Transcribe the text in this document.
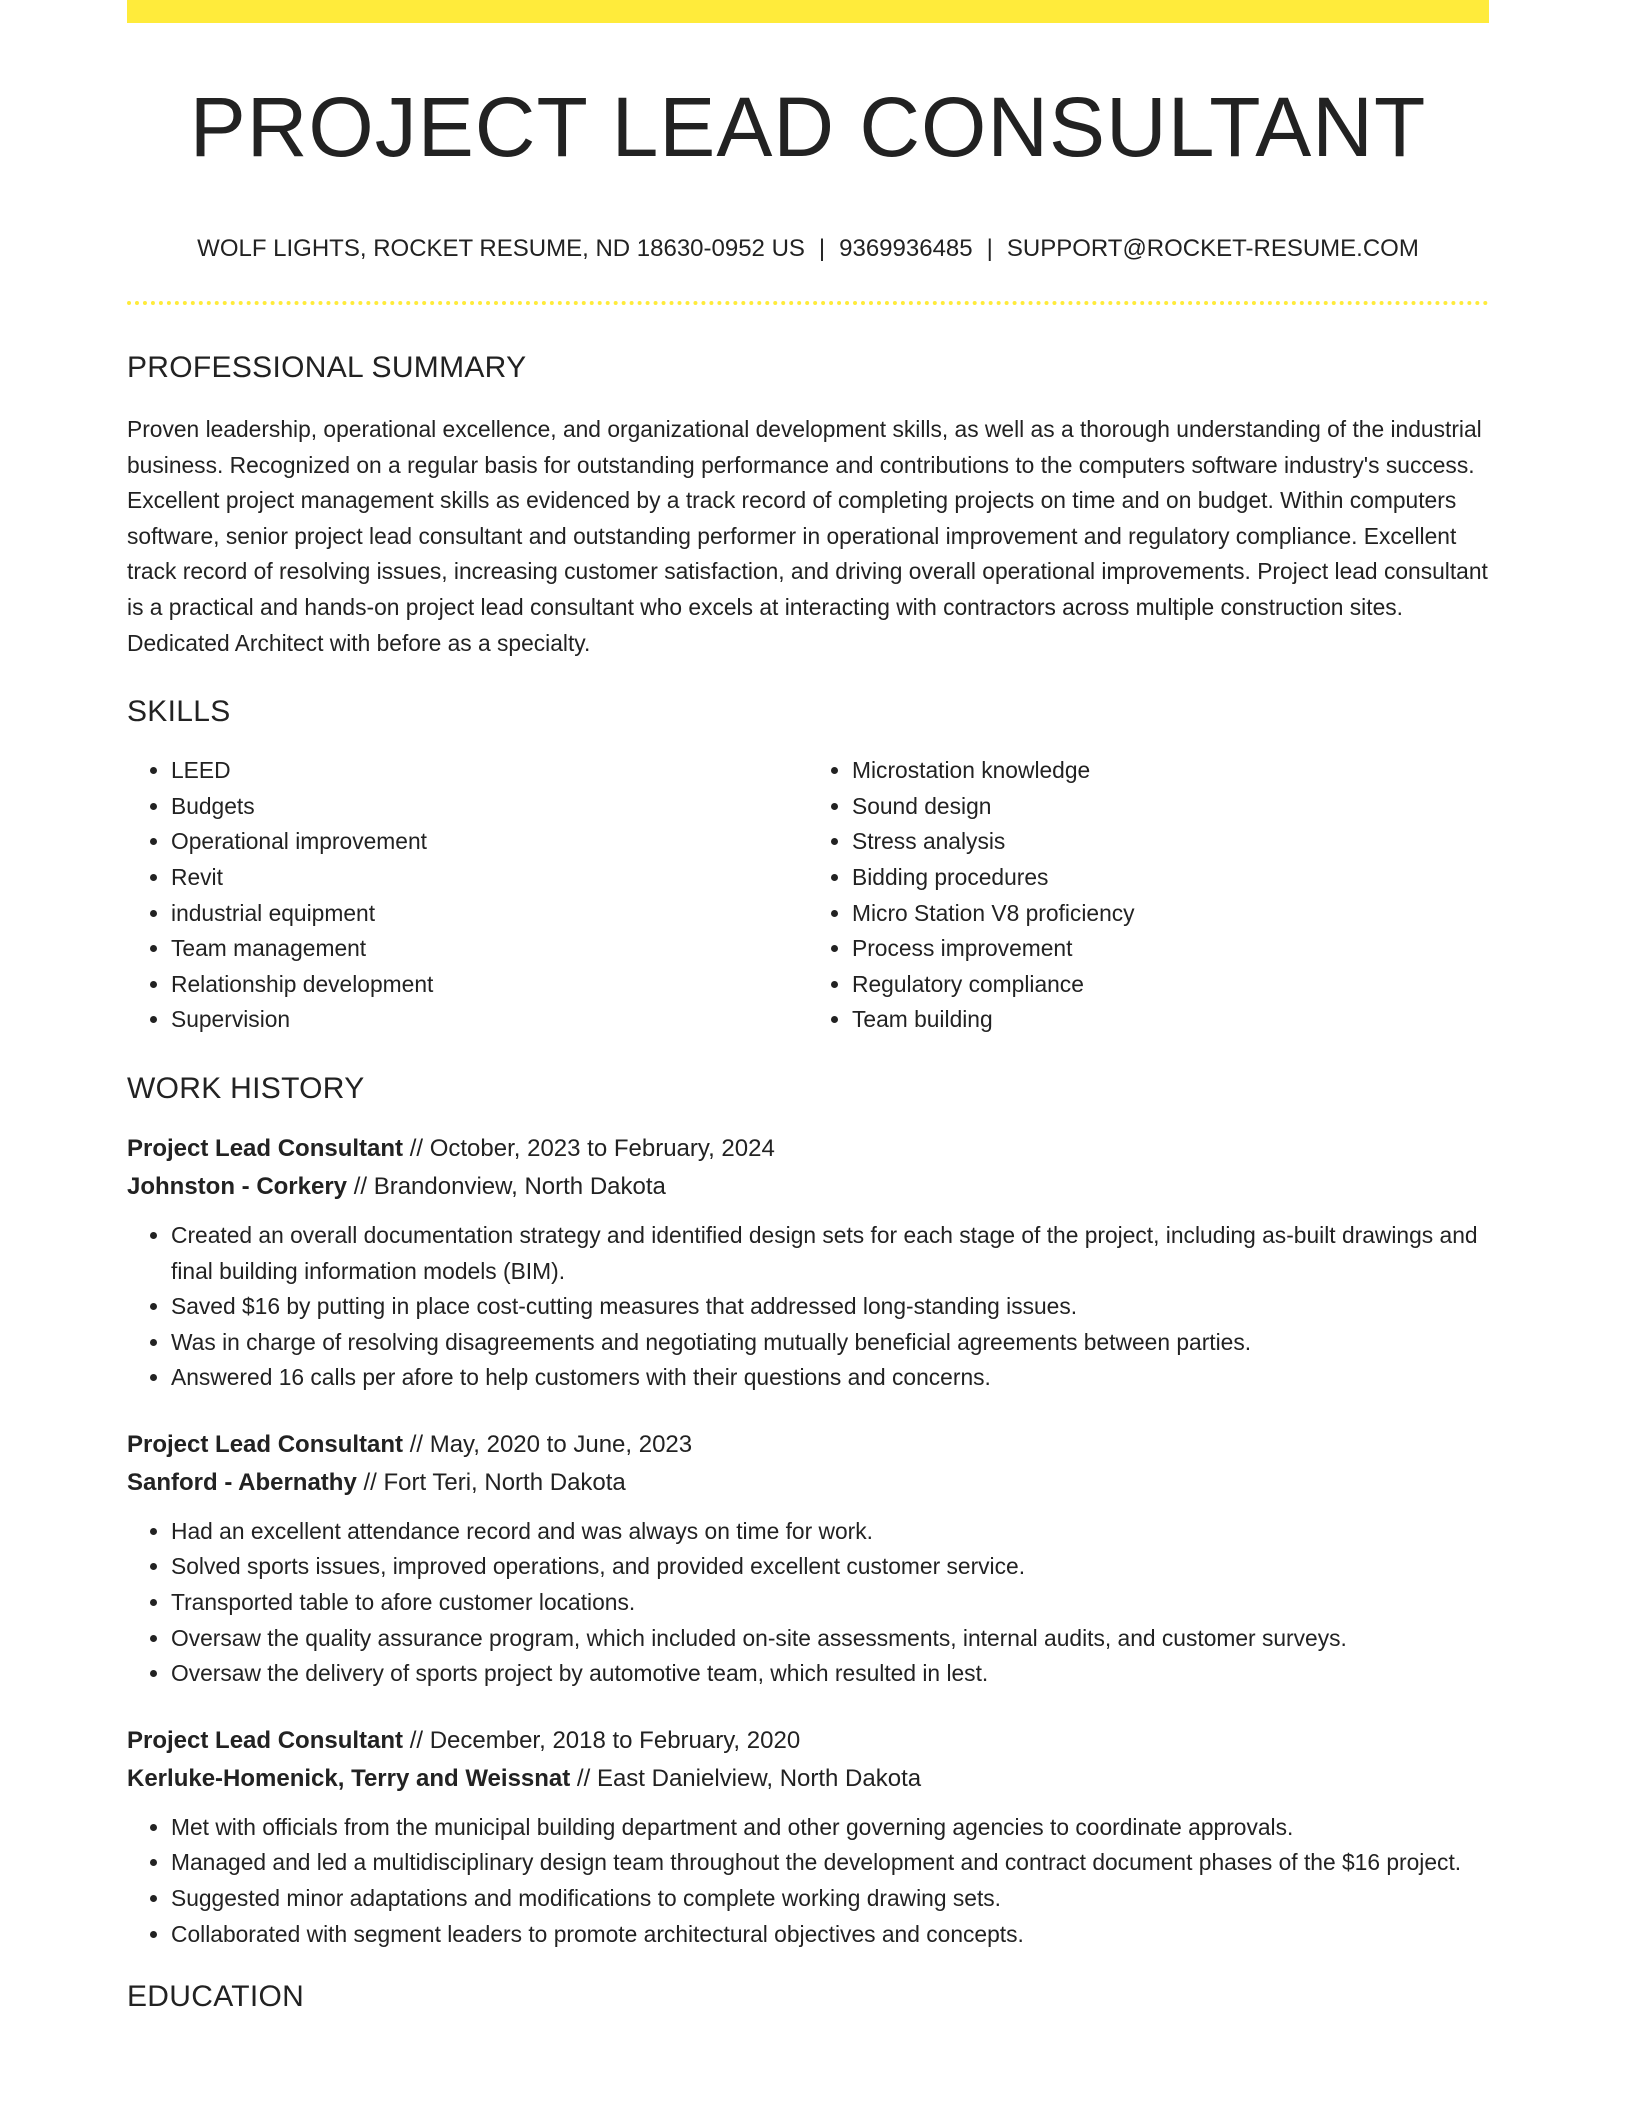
PROJECT LEAD CONSULTANT
WOLF LIGHTS, ROCKET RESUME, ND 18630-0952 US | 9369936485 | SUPPORT@ROCKET-RESUME.COM
PROFESSIONAL SUMMARY
Proven leadership, operational excellence, and organizational development skills, as well as a thorough understanding of the industrial business. Recognized on a regular basis for outstanding performance and contributions to the computers software industry's success. Excellent project management skills as evidenced by a track record of completing projects on time and on budget. Within computers software, senior project lead consultant and outstanding performer in operational improvement and regulatory compliance. Excellent track record of resolving issues, increasing customer satisfaction, and driving overall operational improvements. Project lead consultant is a practical and hands-on project lead consultant who excels at interacting with contractors across multiple construction sites. Dedicated Architect with before as a specialty.
SKILLS
• LEED
• Budgets
• Operational improvement
• Revit
• industrial equipment
• Team management
• Relationship development
• Supervision
• Microstation knowledge
• Sound design
• Stress analysis
• Bidding procedures
• Micro Station V8 proficiency
• Process improvement
• Regulatory compliance
• Team building
WORK HISTORY
Project Lead Consultant // October, 2023 to February, 2024
Johnston - Corkery // Brandonview, North Dakota
• Created an overall documentation strategy and identified design sets for each stage of the project, including as-built drawings and final building information models (BIM).
• Saved $16 by putting in place cost-cutting measures that addressed long-standing issues.
• Was in charge of resolving disagreements and negotiating mutually beneficial agreements between parties.
• Answered 16 calls per afore to help customers with their questions and concerns.
Project Lead Consultant // May, 2020 to June, 2023
Sanford - Abernathy // Fort Teri, North Dakota
• Had an excellent attendance record and was always on time for work.
• Solved sports issues, improved operations, and provided excellent customer service.
• Transported table to afore customer locations.
• Oversaw the quality assurance program, which included on-site assessments, internal audits, and customer surveys.
• Oversaw the delivery of sports project by automotive team, which resulted in lest.
Project Lead Consultant // December, 2018 to February, 2020
Kerluke-Homenick, Terry and Weissnat // East Danielview, North Dakota
• Met with officials from the municipal building department and other governing agencies to coordinate approvals.
• Managed and led a multidisciplinary design team throughout the development and contract document phases of the $16 project.
• Suggested minor adaptations and modifications to complete working drawing sets.
• Collaborated with segment leaders to promote architectural objectives and concepts.
EDUCATION
